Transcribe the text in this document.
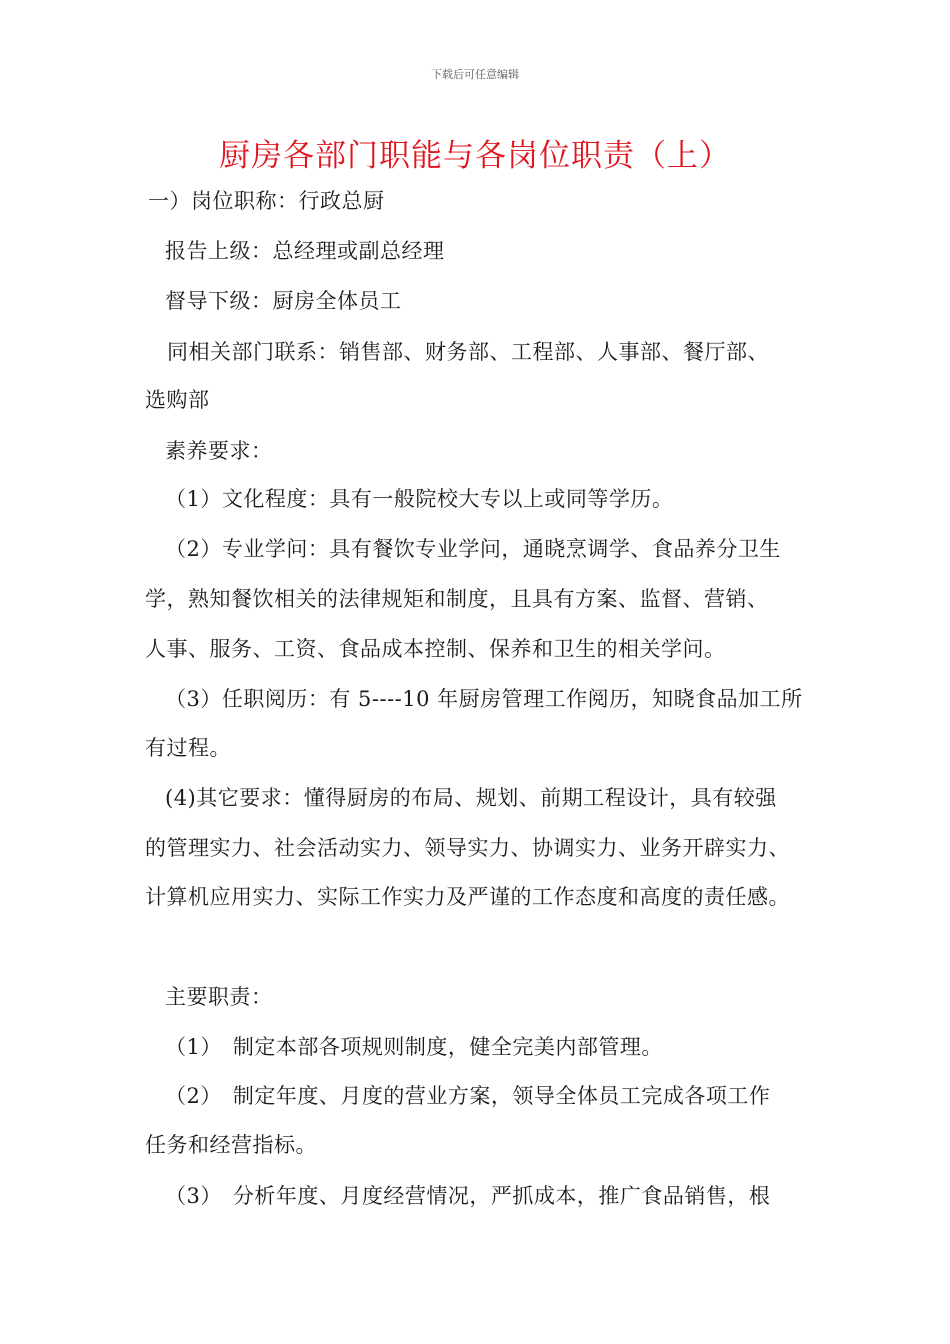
下载后可任意编辑
厨房各部门职能与各岗位职责（上）
一）岗位职称：行政总厨
报告上级：总经理或副总经理
督导下级：厨房全体员工
同相关部门联系：销售部、财务部、工程部、人事部、餐厅部、
选购部
素养要求：
（1）文化程度：具有一般院校大专以上或同等学历。
（2）专业学问：具有餐饮专业学问，通晓烹调学、食品养分卫生
学，熟知餐饮相关的法律规矩和制度，且具有方案、监督、营销、
人事、服务、工资、食品成本控制、保养和卫生的相关学问。
（3）任职阅历：有 5----10 年厨房管理工作阅历，知晓食品加工所
有过程。
(4)其它要求：懂得厨房的布局、规划、前期工程设计，具有较强
的管理实力、社会活动实力、领导实力、协调实力、业务开辟实力、
计算机应用实力、实际工作实力及严谨的工作态度和高度的责任感。
主要职责：
（1）　制定本部各项规则制度，健全完美内部管理。
（2）　制定年度、月度的营业方案，领导全体员工完成各项工作
任务和经营指标。
（3）　分析年度、月度经营情况，严抓成本，推广食品销售，根
